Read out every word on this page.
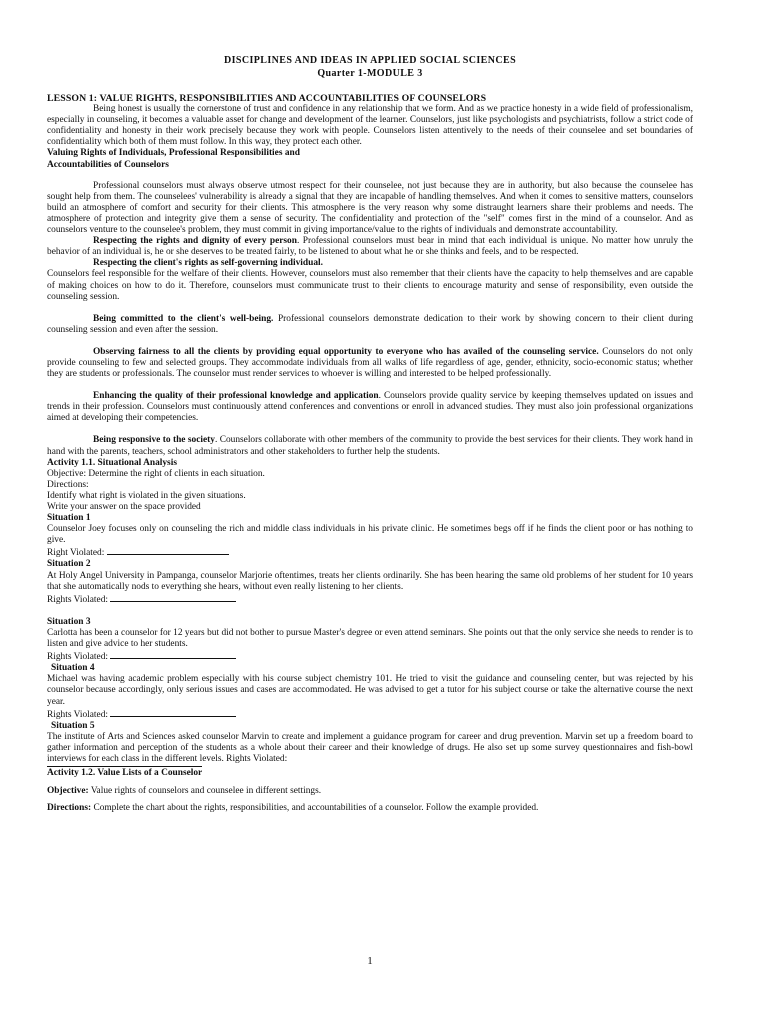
DISCIPLINES AND IDEAS IN APPLIED SOCIAL SCIENCES
Quarter 1-MODULE 3

LESSON 1: VALUE RIGHTS, RESPONSIBILITIES AND ACCOUNTABILITIES OF COUNSELORS

Being honest is usually the cornerstone of trust and confidence in any relationship that we form. And as we practice honesty in a wide field of professionalism, especially in counseling, it becomes a valuable asset for change and development of the learner. Counselors, just like psychologists and psychiatrists, follow a strict code of confidentiality and honesty in their work precisely because they work with people. Counselors listen attentively to the needs of their counselee and set boundaries of confidentiality which both of them must follow. In this way, they protect each other.

Valuing Rights of Individuals, Professional Responsibilities and
Accountabilities of Counselors

Professional counselors must always observe utmost respect for their counselee, not just because they are in authority, but also because the counselee has sought help from them. The counselees' vulnerability is already a signal that they are incapable of handling themselves. And when it comes to sensitive matters, counselors build an atmosphere of comfort and security for their clients. This atmosphere is the very reason why some distraught learners share their problems and needs. The atmosphere of protection and integrity give them a sense of security. The confidentiality and protection of the "self" comes first in the mind of a counselor. And as counselors venture to the counselee's problem, they must commit in giving importance/value to the rights of individuals and demonstrate accountability.

Respecting the rights and dignity of every person. Professional counselors must bear in mind that each individual is unique. No matter how unruly the behavior of an individual is, he or she deserves to be treated fairly, to be listened to about what he or she thinks and feels, and to be respected.

Respecting the client's rights as self-governing individual.

Counselors feel responsible for the welfare of their clients. However, counselors must also remember that their clients have the capacity to help themselves and are capable of making choices on how to do it. Therefore, counselors must communicate trust to their clients to encourage maturity and sense of responsibility, even outside the counseling session.

Being committed to the client's well-being. Professional counselors demonstrate dedication to their work by showing concern to their client during counseling session and even after the session.

Observing fairness to all the clients by providing equal opportunity to everyone who has availed of the counseling service. Counselors do not only provide counseling to few and selected groups. They accommodate individuals from all walks of life regardless of age, gender, ethnicity, socio-economic status; whether they are students or professionals. The counselor must render services to whoever is willing and interested to be helped professionally.

Enhancing the quality of their professional knowledge and application. Counselors provide quality service by keeping themselves updated on issues and trends in their profession. Counselors must continuously attend conferences and conventions or enroll in advanced studies. They must also join professional organizations aimed at developing their competencies.

Being responsive to the society. Counselors collaborate with other members of the community to provide the best services for their clients. They work hand in hand with the parents, teachers, school administrators and other stakeholders to further help the students.

Activity 1.1. Situational Analysis

Objective: Determine the right of clients in each situation.

Directions:

Identify what right is violated in the given situations.

Write your answer on the space provided

Situation 1

Counselor Joey focuses only on counseling the rich and middle class individuals in his private clinic. He sometimes begs off if he finds the client poor or has nothing to give.

Right Violated:

Situation 2

At Holy Angel University in Pampanga, counselor Marjorie oftentimes, treats her clients ordinarily. She has been hearing the same old problems of her student for 10 years that she automatically nods to everything she hears, without even really listening to her clients.

Rights Violated:

Situation 3

Carlotta has been a counselor for 12 years but did not bother to pursue Master's degree or even attend seminars. She points out that the only service she needs to render is to listen and give advice to her students.

Rights Violated:

Situation 4

Michael was having academic problem especially with his course subject chemistry 101. He tried to visit the guidance and counseling center, but was rejected by his counselor because accordingly, only serious issues and cases are accommodated. He was advised to get a tutor for his subject course or take the alternative course the next year.

Rights Violated:

Situation 5

The institute of Arts and Sciences asked counselor Marvin to create and implement a guidance program for career and drug prevention. Marvin set up a freedom board to gather information and perception of the students as a whole about their career and their knowledge of drugs. He also set up some survey questionnaires and fish-bowl interviews for each class in the different levels. Rights Violated:

Activity 1.2. Value Lists of a Counselor

Objective: Value rights of counselors and counselee in different settings.

Directions: Complete the chart about the rights, responsibilities, and accountabilities of a counselor. Follow the example provided.

1
